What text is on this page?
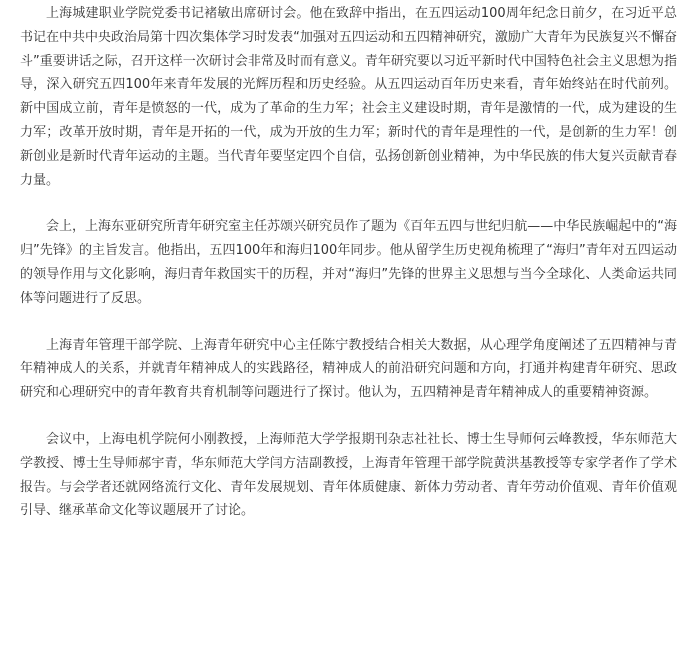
上海城建职业学院党委书记褚敏出席研讨会。他在致辞中指出，在五四运动100周年纪念日前夕，在习近平总书记在中共中央政治局第十四次集体学习时发表“加强对五四运动和五四精神研究，激励广大青年为民族复兴不懈奋斗”重要讲话之际，召开这样一次研讨会非常及时而有意义。青年研究要以习近平新时代中国特色社会主义思想为指导，深入研究五四100年来青年发展的光辉历程和历史经验。从五四运动百年历史来看，青年始终站在时代前列。新中国成立前，青年是愤怒的一代，成为了革命的生力军；社会主义建设时期，青年是激情的一代，成为建设的生力军；改革开放时期，青年是开拓的一代，成为开放的生力军；新时代的青年是理性的一代，是创新的生力军！创新创业是新时代青年运动的主题。当代青年要坚定四个自信，弘扬创新创业精神，为中华民族的伟大复兴贡献青春力量。

会上，上海东亚研究所青年研究室主任苏颂兴研究员作了题为《百年五四与世纪归航——中华民族崛起中的“海归”先锋》的主旨发言。他指出，五四100年和海归100年同步。他从留学生历史视角梳理了“海归”青年对五四运动的领导作用与文化影响，海归青年救国实干的历程，并对“海归”先锋的世界主义思想与当今全球化、人类命运共同体等问题进行了反思。

上海青年管理干部学院、上海青年研究中心主任陈宁教授结合相关大数据，从心理学角度阐述了五四精神与青年精神成人的关系，并就青年精神成人的实践路径，精神成人的前沿研究问题和方向，打通并构建青年研究、思政研究和心理研究中的青年教育共育机制等问题进行了探讨。他认为，五四精神是青年精神成人的重要精神资源。

会议中，上海电机学院何小刚教授，上海师范大学学报期刊杂志社社长、博士生导师何云峰教授，华东师范大学教授、博士生导师郝宇青，华东师范大学闫方洁副教授，上海青年管理干部学院黄洪基教授等专家学者作了学术报告。与会学者还就网络流行文化、青年发展规划、青年体质健康、新体力劳动者、青年劳动价值观、青年价值观引导、继承革命文化等议题展开了讨论。
